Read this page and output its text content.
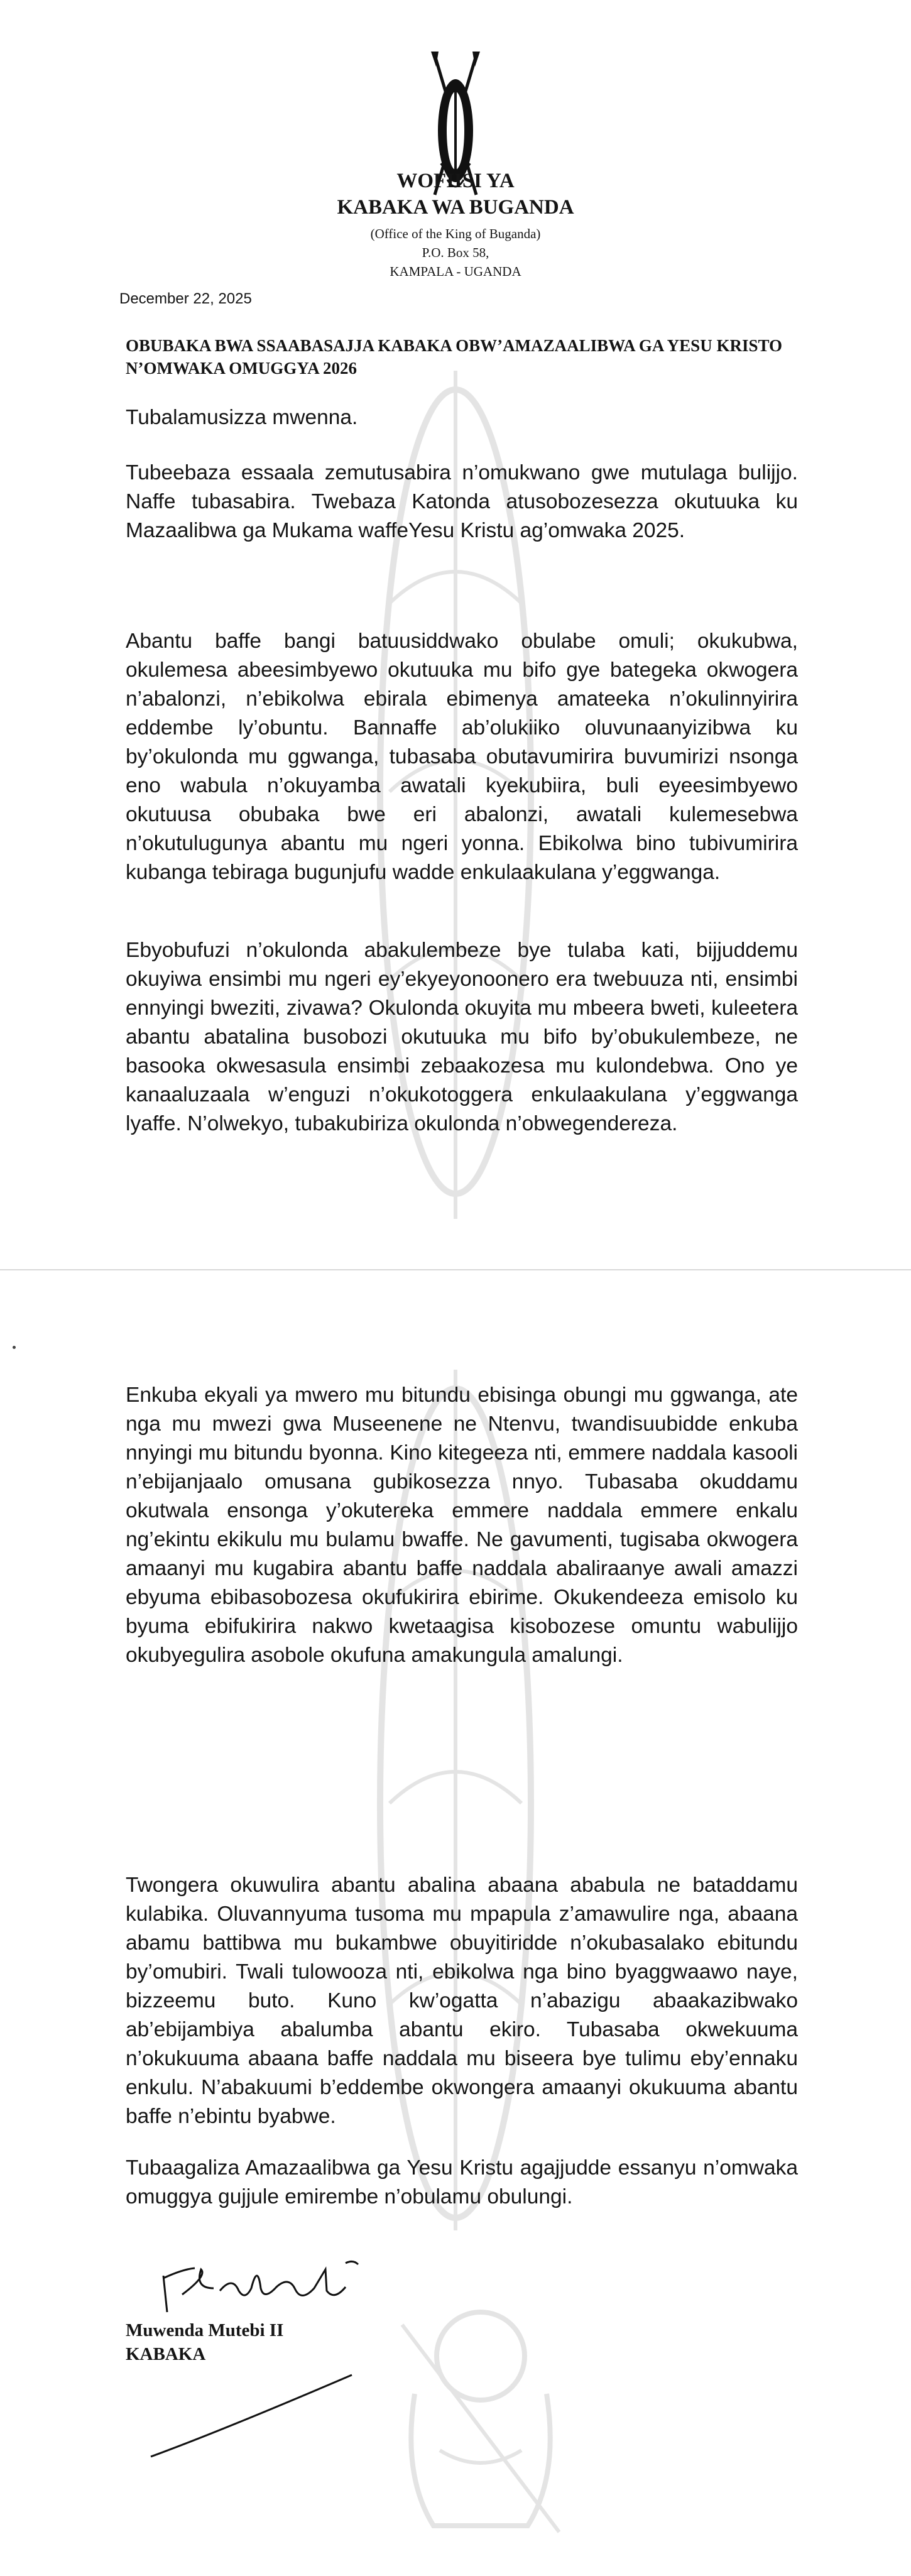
WOFIISI YA
KABAKA WA BUGANDA
(Office of the King of Buganda)
P.O. Box 58,
KAMPALA - UGANDA
December 22, 2025
OBUBAKA BWA SSAABASAJJA KABAKA OBW’AMAZAALIBWA GA YESU KRISTO N’OMWAKA OMUGGYA 2026

Tubalamusizza mwenna.

Tubeebaza essaala zemutusabira n’omukwano gwe mutulaga bulijjo. Naffe tubasabira. Twebaza Katonda atusobozesezza okutuuka ku Mazaalibwa ga Mukama waffeYesu Kristu ag’omwaka 2025.

Abantu baffe bangi batuusiddwako obulabe omuli; okukubwa, okulemesa abeesimbyewo okutuuka mu bifo gye bategeka okwogera n’abalonzi, n’ebikolwa ebirala ebimenya amateeka n’okulinnyirira eddembe ly’obuntu. Bannaffe ab’olukiiko oluvunaanyizibwa ku by’okulonda mu ggwanga, tubasaba obutavumirira buvumirizi nsonga eno wabula n’okuyamba awatali kyekubiira, buli eyeesimbyewo okutuusa obubaka bwe eri abalonzi, awatali kulemesebwa n’okutulugunya abantu mu ngeri yonna. Ebikolwa bino tubivumirira kubanga tebiraga bugunjufu wadde enkulaakulana y’eggwanga.

Ebyobufuzi n’okulonda abakulembeze bye tulaba kati, bijjuddemu okuyiwa ensimbi mu ngeri ey’ekyeyonoonero era twebuuza nti, ensimbi ennyingi bweziti, zivawa? Okulonda okuyita mu mbeera bweti, kuleetera abantu abatalina busobozi okutuuka mu bifo by’obukulembeze, ne basooka okwesasula ensimbi zebaakozesa mu kulondebwa. Ono ye kanaaluzaala w’enguzi n’okukotoggera enkulaakulana y’eggwanga lyaffe. N’olwekyo, tubakubiriza okulonda n’obwegendereza.

Enkuba ekyali ya mwero mu bitundu ebisinga obungi mu ggwanga, ate nga mu mwezi gwa Museenene ne Ntenvu, twandisuubidde enkuba nnyingi mu bitundu byonna. Kino kitegeeza nti, emmere naddala kasooli n’ebijanjaalo omusana gubikosezza nnyo. Tubasaba okuddamu okutwala ensonga y’okutereka emmere naddala emmere enkalu ng’ekintu ekikulu mu bulamu bwaffe. Ne gavumenti, tugisaba okwogera amaanyi mu kugabira abantu baffe naddala abaliraanye awali amazzi ebyuma ebibasobozesa okufukirira ebirime. Okukendeeza emisolo ku byuma ebifukirira nakwo kwetaagisa kisobozese omuntu wabulijjo okubyegulira asobole okufuna amakungula amalungi.

Twongera okuwulira abantu abalina abaana ababula ne bataddamu kulabika. Oluvannyuma tusoma mu mpapula z’amawulire nga, abaana abamu battibwa mu bukambwe obuyitiridde n’okubasalako ebitundu by’omubiri. Twali tulowooza nti, ebikolwa nga bino byaggwaawo naye, bizzeemu buto. Kuno kw’ogatta n’abazigu abaakazibwako ab’ebijambiya abalumba abantu ekiro. Tubasaba okwekuuma n’okukuuma abaana baffe naddala mu biseera bye tulimu eby’ennaku enkulu. N’abakuumi b’eddembe okwongera amaanyi okukuuma abantu baffe n’ebintu byabwe.

Tubaagaliza Amazaalibwa ga Yesu Kristu agajjudde essanyu n’omwaka omuggya gujjule emirembe n’obulamu obulungi.

Muwenda Mutebi II
KABAKA
